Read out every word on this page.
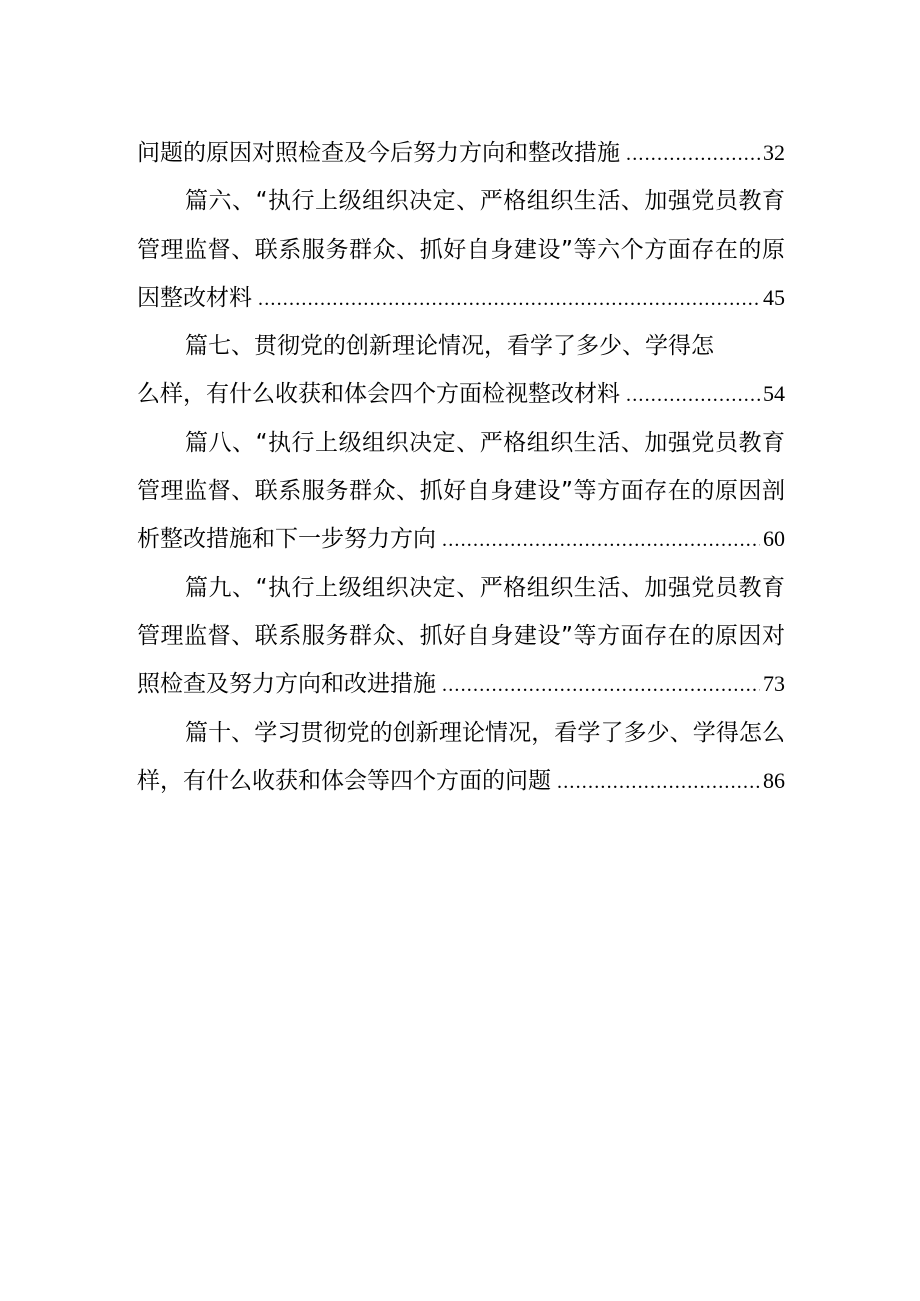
问题的原因对照检查及今后努力方向和整改措施 .....	32
篇六、“执行上级组织决定、严格组织生活、加强党员教育
管理监督、联系服务群众、抓好自身建设”等六个方面存在的原
因整改材料 .....	45
篇七、贯彻党的创新理论情况，看学了多少、学得怎
么样，有什么收获和体会四个方面检视整改材料 .....	54
篇八、“执行上级组织决定、严格组织生活、加强党员教育
管理监督、联系服务群众、抓好自身建设”等方面存在的原因剖
析整改措施和下一步努力方向 .....	60
篇九、“执行上级组织决定、严格组织生活、加强党员教育
管理监督、联系服务群众、抓好自身建设”等方面存在的原因对
照检查及努力方向和改进措施 .....	73
篇十、学习贯彻党的创新理论情况，看学了多少、学得怎么
样，有什么收获和体会等四个方面的问题 .....	86
